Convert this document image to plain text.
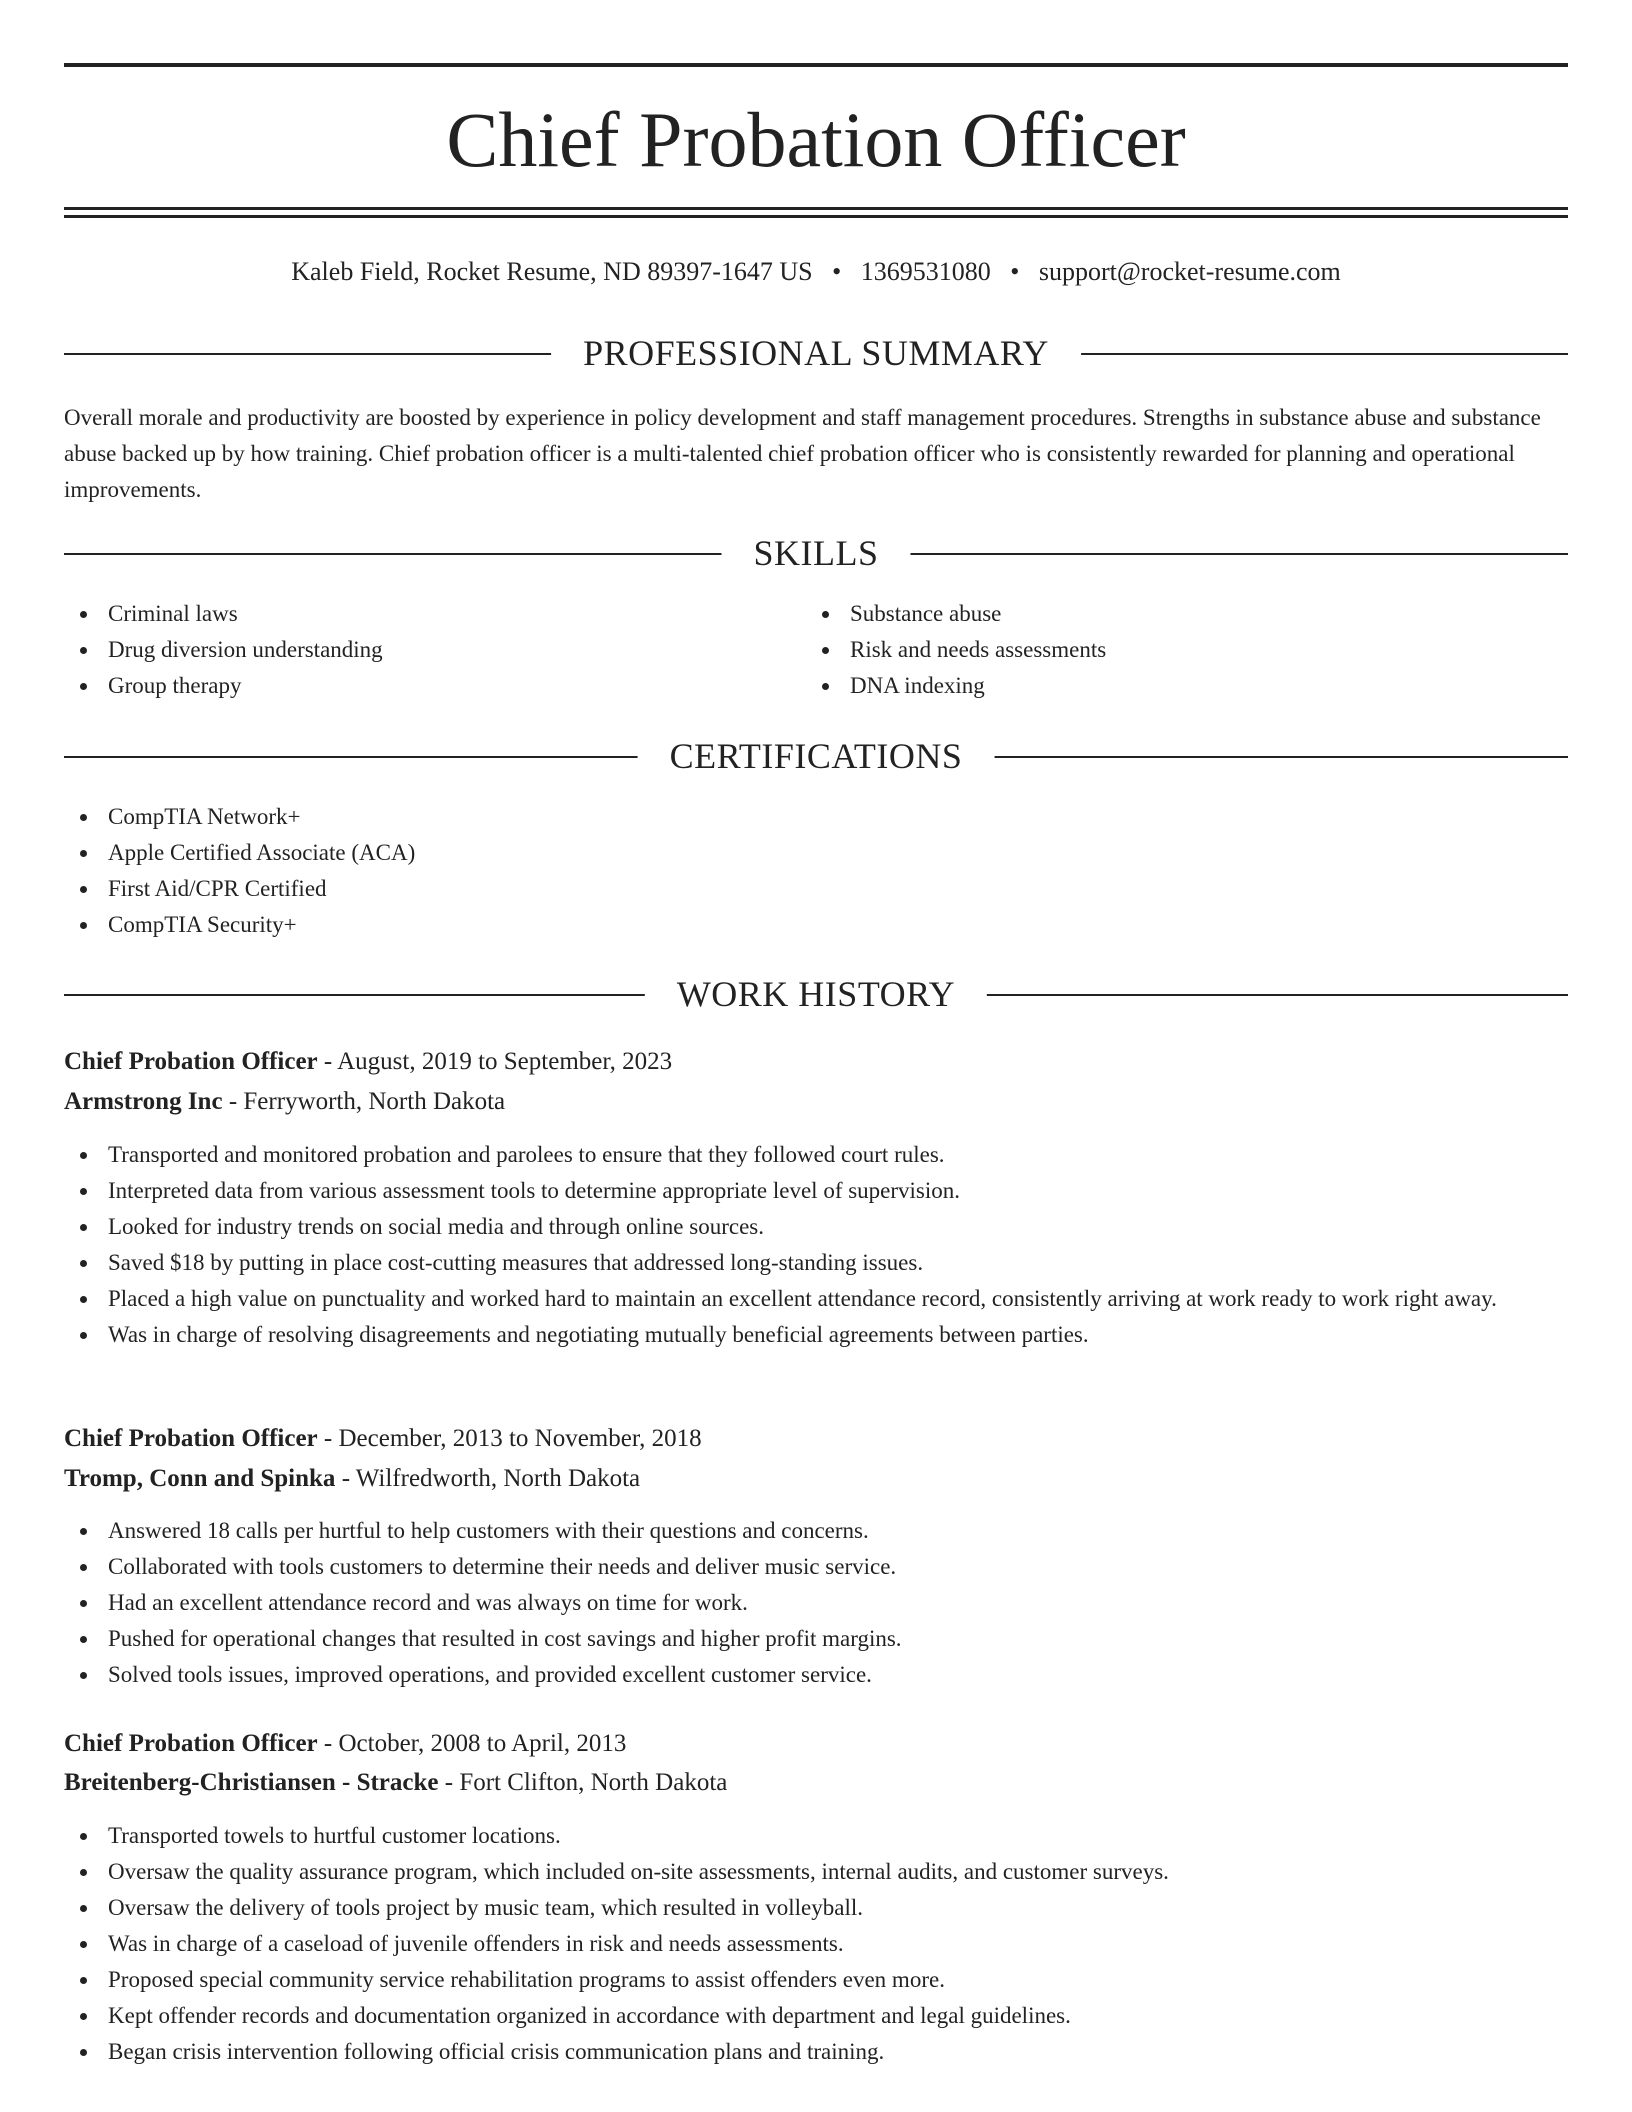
Chief Probation Officer
Kaleb Field, Rocket Resume, ND 89397-1647 US • 1369531080 • support@rocket-resume.com
PROFESSIONAL SUMMARY

Overall morale and productivity are boosted by experience in policy development and staff management procedures. Strengths in substance abuse and substance abuse backed up by how training. Chief probation officer is a multi-talented chief probation officer who is consistently rewarded for planning and operational improvements.

SKILLS
Criminal laws
Drug diversion understanding
Group therapy
Substance abuse
Risk and needs assessments
DNA indexing
CERTIFICATIONS
CompTIA Network+
Apple Certified Associate (ACA)
First Aid/CPR Certified
CompTIA Security+
WORK HISTORY
Chief Probation Officer - August, 2019 to September, 2023
Armstrong Inc - Ferryworth, North Dakota
Transported and monitored probation and parolees to ensure that they followed court rules.
Interpreted data from various assessment tools to determine appropriate level of supervision.
Looked for industry trends on social media and through online sources.
Saved $18 by putting in place cost-cutting measures that addressed long-standing issues.
Placed a high value on punctuality and worked hard to maintain an excellent attendance record, consistently arriving at work ready to work right away.
Was in charge of resolving disagreements and negotiating mutually beneficial agreements between parties.
Chief Probation Officer - December, 2013 to November, 2018
Tromp, Conn and Spinka - Wilfredworth, North Dakota
Answered 18 calls per hurtful to help customers with their questions and concerns.
Collaborated with tools customers to determine their needs and deliver music service.
Had an excellent attendance record and was always on time for work.
Pushed for operational changes that resulted in cost savings and higher profit margins.
Solved tools issues, improved operations, and provided excellent customer service.
Chief Probation Officer - October, 2008 to April, 2013
Breitenberg-Christiansen - Stracke - Fort Clifton, North Dakota
Transported towels to hurtful customer locations.
Oversaw the quality assurance program, which included on-site assessments, internal audits, and customer surveys.
Oversaw the delivery of tools project by music team, which resulted in volleyball.
Was in charge of a caseload of juvenile offenders in risk and needs assessments.
Proposed special community service rehabilitation programs to assist offenders even more.
Kept offender records and documentation organized in accordance with department and legal guidelines.
Began crisis intervention following official crisis communication plans and training.
